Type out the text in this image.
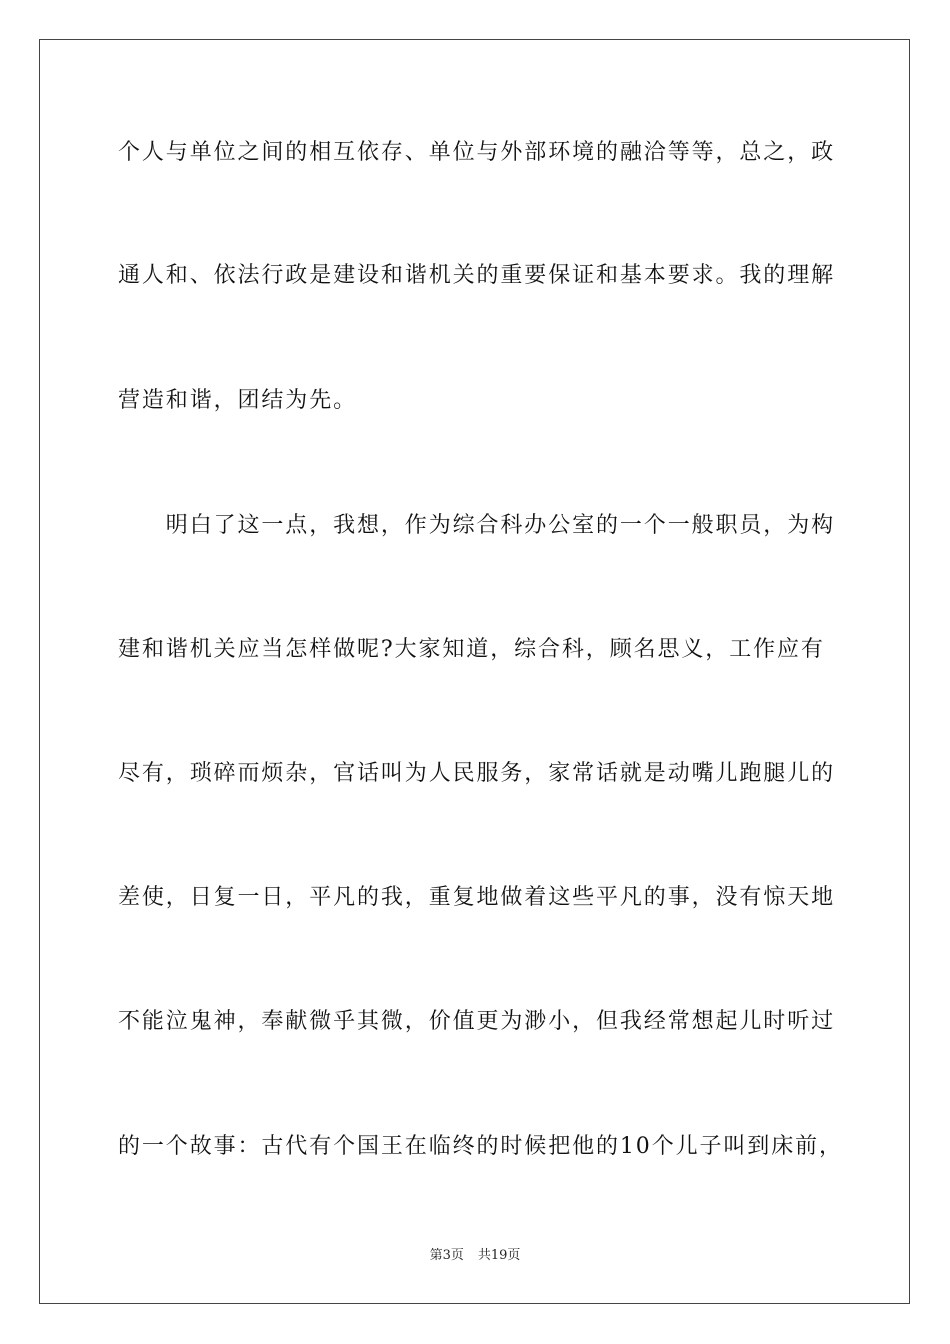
个人与单位之间的相互依存、单位与外部环境的融洽等等，总之，政

通人和、依法行政是建设和谐机关的重要保证和基本要求。我的理解

营造和谐，团结为先。

　　明白了这一点，我想，作为综合科办公室的一个一般职员，为构

建和谐机关应当怎样做呢?大家知道，综合科，顾名思义，工作应有

尽有，琐碎而烦杂，官话叫为人民服务，家常话就是动嘴儿跑腿儿的

差使，日复一日，平凡的我，重复地做着这些平凡的事，没有惊天地

不能泣鬼神，奉献微乎其微，价值更为渺小，但我经常想起儿时听过

的一个故事：古代有个国王在临终的时候把他的10个儿子叫到床前，

第3页 共19页
